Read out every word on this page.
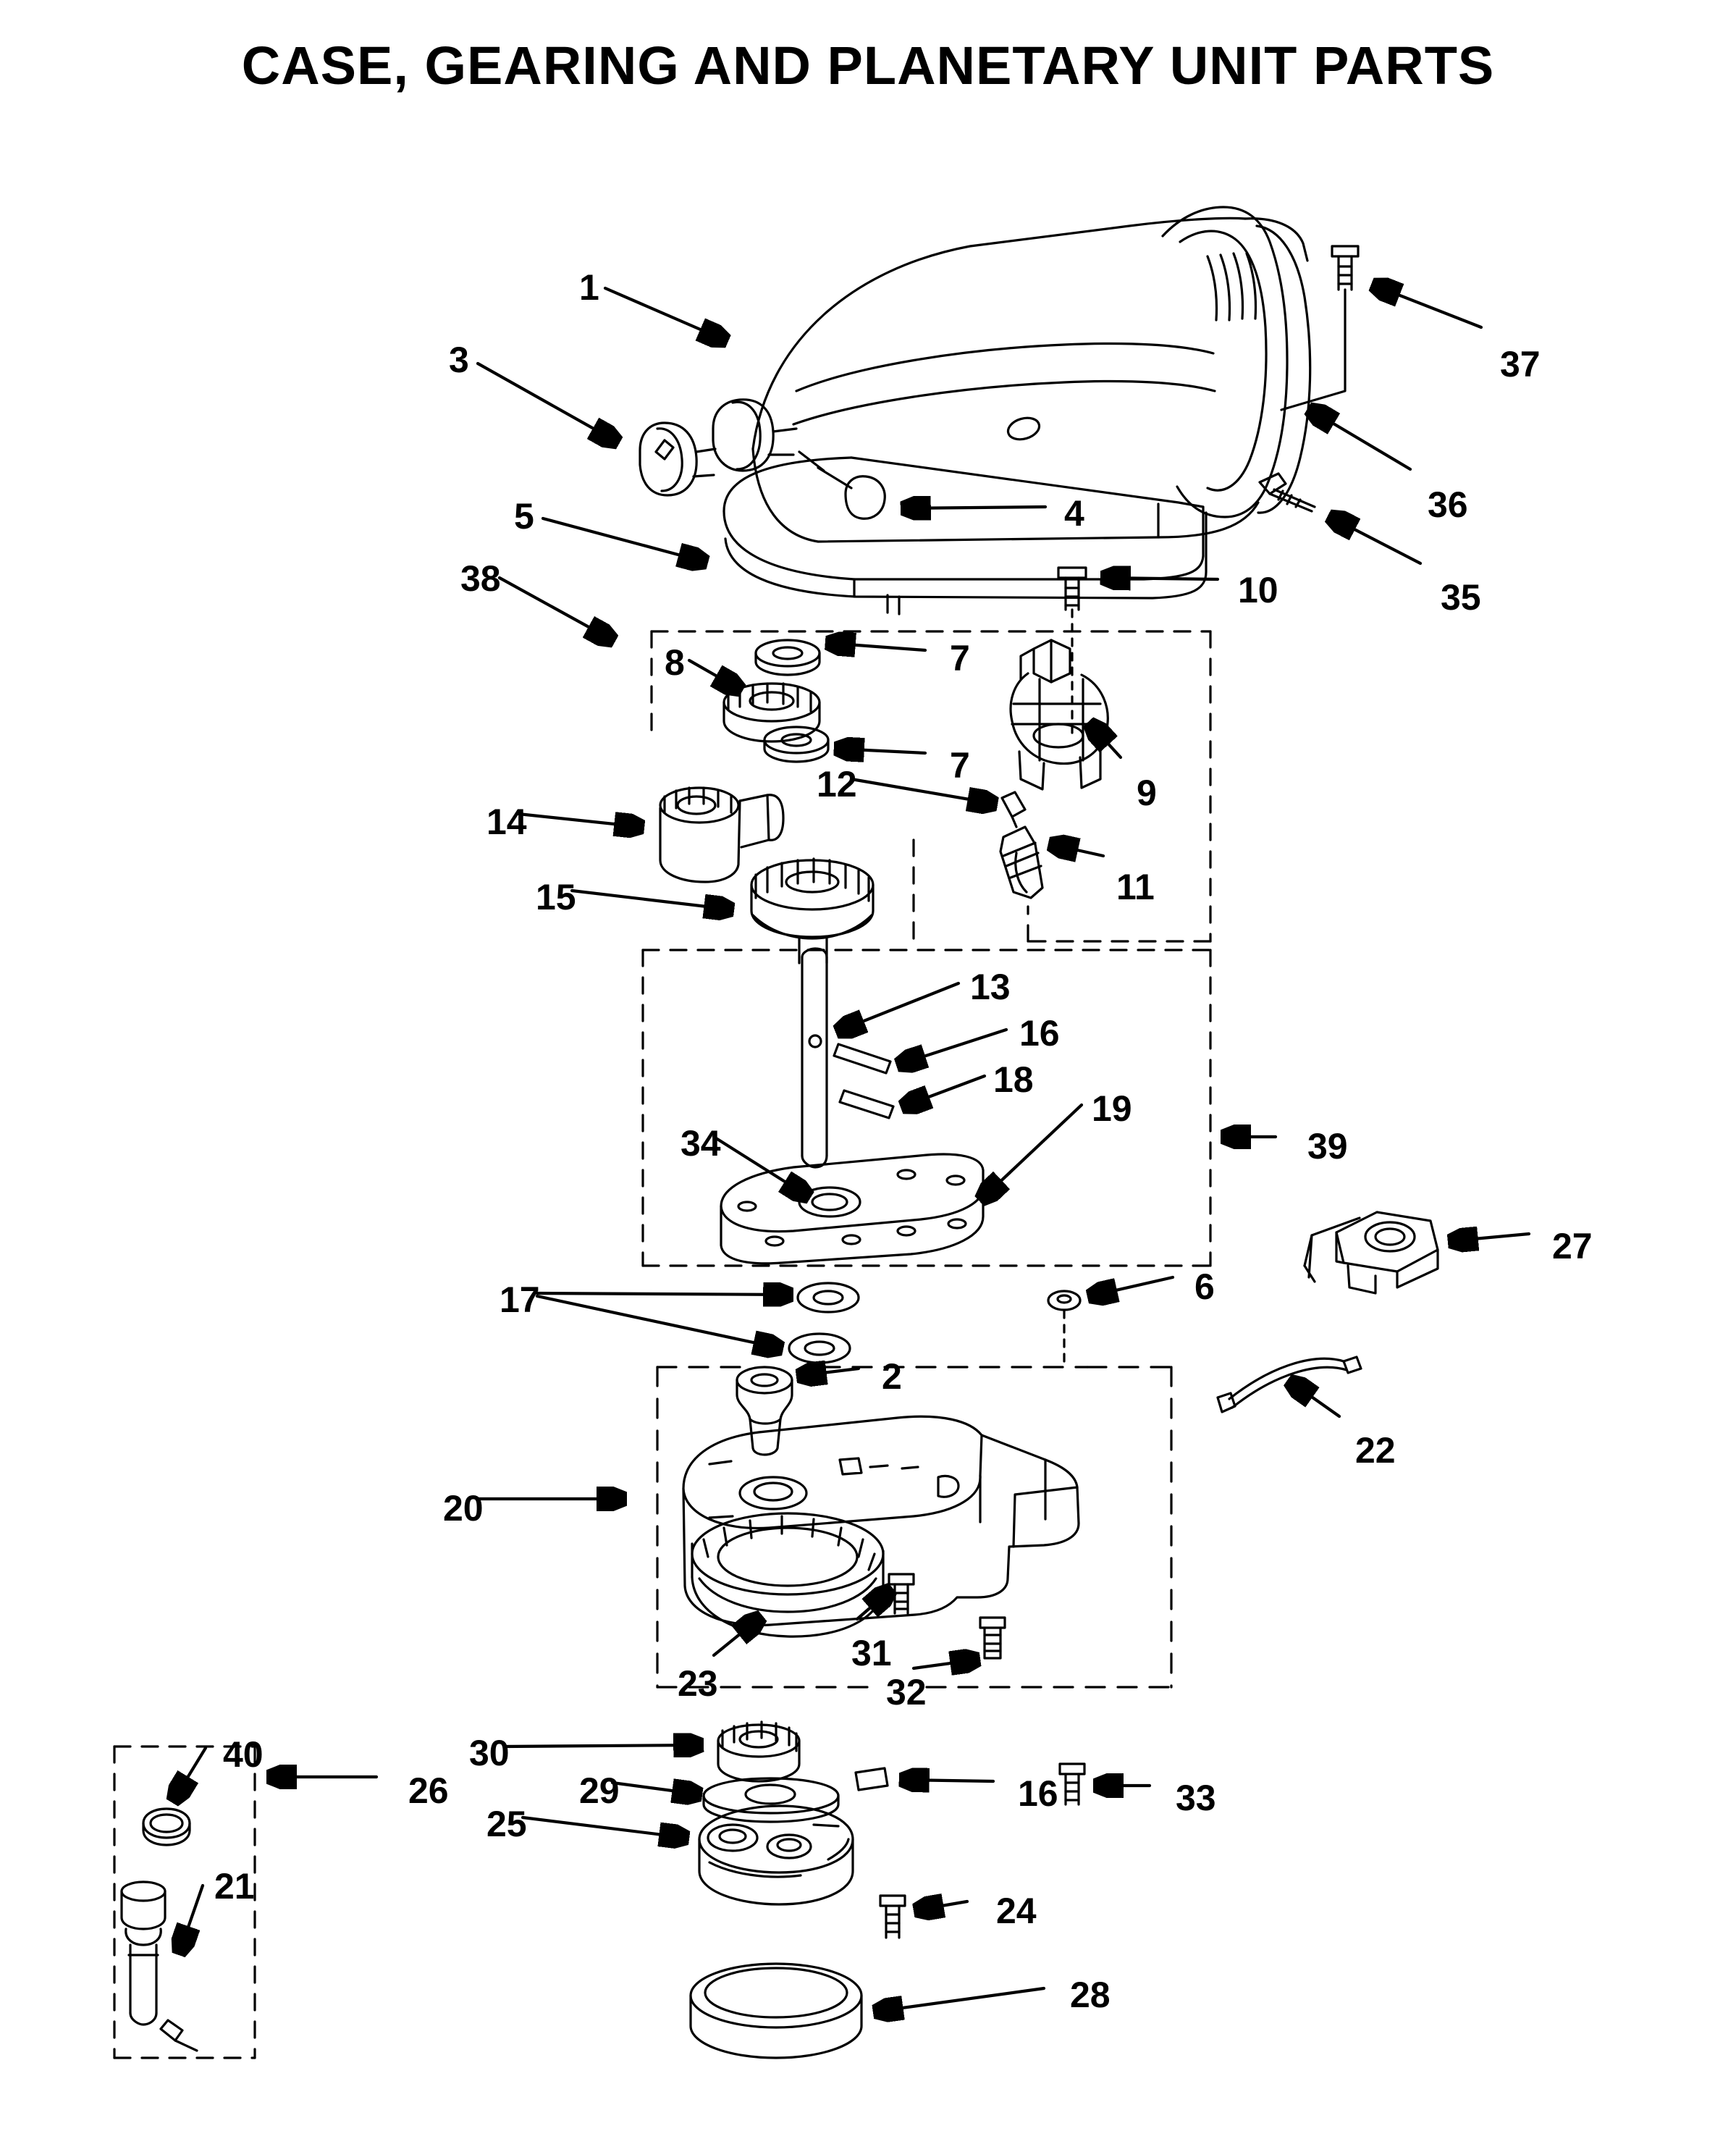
CASE, GEARING AND PLANETARY UNIT PARTS
1
3	37
36
5	4
35
38	10
8	7
7
9
12
14
11
15
13
16
18
19
39
34
27
17	6
2
22
20
31
23	32
40	30
29
26	16	33
25
21
24
28
